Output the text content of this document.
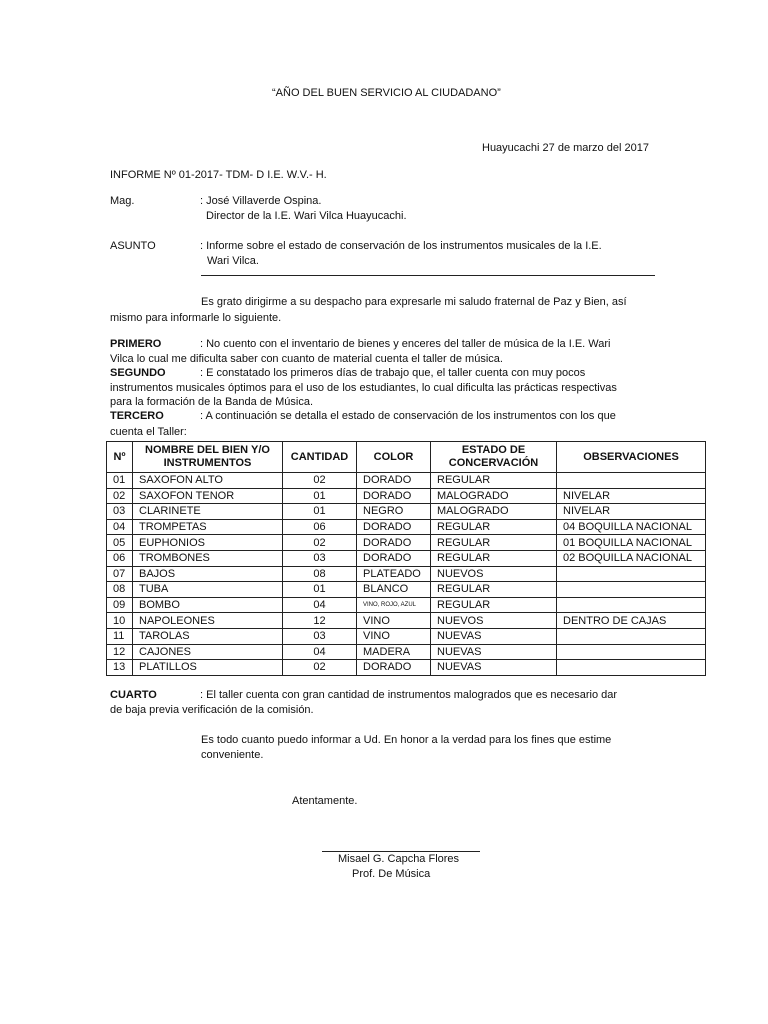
“AÑO DEL BUEN SERVICIO AL CIUDADANO”
Huayucachi 27 de marzo del 2017
INFORME Nº 01-2017- TDM- D I.E. W.V.- H.
Mag.	: José Villaverde Ospina.
Director de la I.E. Wari Vilca Huayucachi.
ASUNTO	: Informe sobre el estado de conservación de los instrumentos musicales de la I.E.
Wari Vilca.
Es grato dirigirme a su despacho para expresarle mi saludo fraternal de Paz y Bien, así
mismo para informarle lo siguiente.
PRIMERO	: No cuento con el inventario de bienes y enceres del taller de música de la I.E. Wari
Vilca lo cual me dificulta saber con cuanto de material cuenta el taller de música.
SEGUNDO	: E constatado los primeros días de trabajo que, el taller cuenta con muy pocos
instrumentos musicales óptimos para el uso de los estudiantes, lo cual dificulta las prácticas respectivas
para la formación de la Banda de Música.
TERCERO	: A continuación se detalla el estado de conservación de los instrumentos con los que
cuenta el Taller:
Nº	NOMBRE DEL BIEN Y/O INSTRUMENTOS	CANTIDAD	COLOR	ESTADO DE CONCERVACIÓN	OBSERVACIONES
01	SAXOFON ALTO	02	DORADO	REGULAR	
02	SAXOFON TENOR	01	DORADO	MALOGRADO	NIVELAR
03	CLARINETE	01	NEGRO	MALOGRADO	NIVELAR
04	TROMPETAS	06	DORADO	REGULAR	04 BOQUILLA NACIONAL
05	EUPHONIOS	02	DORADO	REGULAR	01 BOQUILLA NACIONAL
06	TROMBONES	03	DORADO	REGULAR	02 BOQUILLA NACIONAL
07	BAJOS	08	PLATEADO	NUEVOS	
08	TUBA	01	BLANCO	REGULAR	
09	BOMBO	04	VINO, ROJO, AZUL	REGULAR	
10	NAPOLEONES	12	VINO	NUEVOS	DENTRO DE CAJAS
11	TAROLAS	03	VINO	NUEVAS	
12	CAJONES	04	MADERA	NUEVAS	
13	PLATILLOS	02	DORADO	NUEVAS	
CUARTO	: El taller cuenta con gran cantidad de instrumentos malogrados que es necesario dar
de baja previa verificación de la comisión.
Es todo cuanto puedo informar a Ud. En honor a la verdad para los fines que estime
conveniente.
Atentamente.
Misael G. Capcha Flores
Prof. De Música
